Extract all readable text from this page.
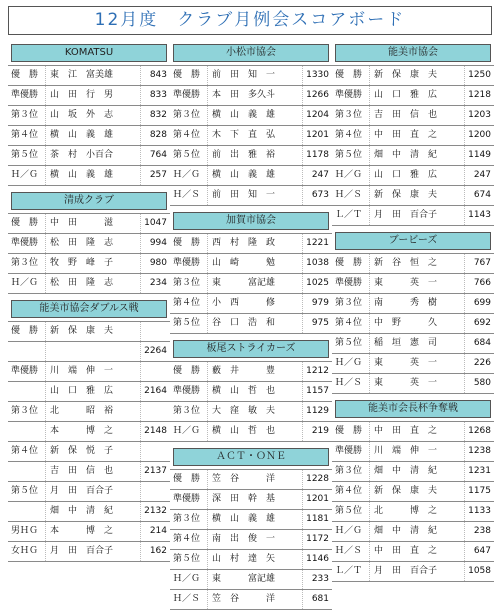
12月度　クラブ月例会スコアボード
KOMATSU
優　勝	東　江　富美雄	843
準優勝	山　田　行　男	833
第３位	山　坂　外　志	832
第４位	横　山　義　雄	828
第５位	茶　村　小百合	764
Ｈ／Ｇ	横　山　義　雄	257
清成クラブ
優　勝	中　田　　　滋	1047
準優勝	松　田　隆　志	994
第３位	牧　野　峰　子	980
Ｈ／Ｇ	松　田　隆　志	234
能美市協会ダブルス戦
優　勝	新　保　康　夫
2264
準優勝	川　端　伸　一
山　口　雅　広	2164
第３位	北　　　昭　裕
本　　　博　之	2148
第４位	新　保　悦　子
吉　田　信　也	2137
第５位	月　田　百合子
畑　中　清　紀	2132
男ＨＧ	本　　　博　之	214
女ＨＧ	月　田　百合子	162
小松市協会
優　勝	前　田　知　一	1330
準優勝	本　田　多久斗	1266
第３位	横　山　義　雄	1204
第４位	木　下　直　弘	1201
第５位	前　出　雅　裕	1178
Ｈ／Ｇ	横　山　義　雄	247
Ｈ／Ｓ	前　田　知　一	673
加賀市協会
優　勝	西　村　隆　政	1221
準優勝	山　崎　　　勉	1038
第３位	東　　　富記雄	1025
第４位	小　西　　　修	979
第５位	谷　口　浩　和	975
板尾ストライカーズ
優　勝	藪　井　　　豊	1212
準優勝	横　山　哲　也	1157
第３位	大　窪　敏　夫	1129
Ｈ／Ｇ	横　山　哲　也	219
ＡＣＴ・ＯＮＥ
優　勝	笠　谷　　　洋	1228
準優勝	深　田　幹　基	1201
第３位	横　山　義　雄	1181
第４位	南　出　俊　一	1172
第５位	山　村　達　矢	1146
Ｈ／Ｇ	東　　　富記雄	233
Ｈ／Ｓ	笠　谷　　　洋	681
能美市協会
優　勝	新　保　康　夫	1250
準優勝	山　口　雅　広	1218
第３位	吉　田　信　也	1203
第４位	中　田　直　之	1200
第５位	畑　中　清　紀	1149
Ｈ／Ｇ	山　口　雅　広	247
Ｈ／Ｓ	新　保　康　夫	674
Ｌ／Ｔ	月　田　百合子	1143
ブービーズ
優　勝	新　谷　恒　之	767
準優勝	東　　　英　一	766
第３位	南　　　秀　樹	699
第４位	中　野　　　久	692
第５位	稲　垣　憲　司	684
Ｈ／Ｇ	東　　　英　一	226
Ｈ／Ｓ	東　　　英　一	580
能美市会長杯争奪戦
優　勝	中　田　直　之	1268
準優勝	川　端　伸　一	1238
第３位	畑　中　清　紀	1231
第４位	新　保　康　夫	1175
第５位	北　　　博　之	1133
Ｈ／Ｇ	畑　中　清　紀	238
Ｈ／Ｓ	中　田　直　之	647
Ｌ／Ｔ	月　田　百合子	1058
